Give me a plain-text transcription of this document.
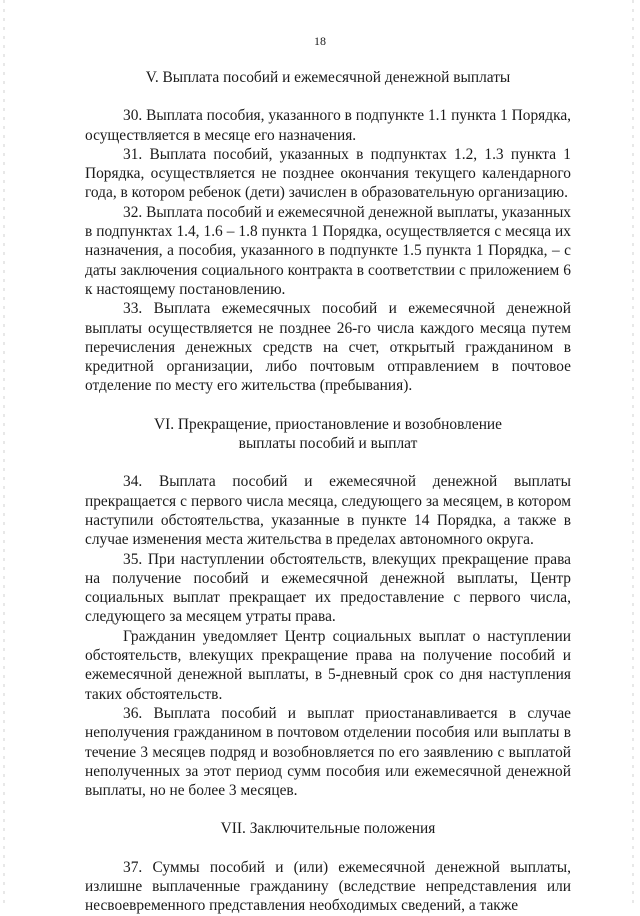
18

V. Выплата пособий и ежемесячной денежной выплаты

30. Выплата пособия, указанного в подпункте 1.1 пункта 1 Порядка, осуществляется в месяце его назначения.

31. Выплата пособий, указанных в подпунктах 1.2, 1.3 пункта 1 Порядка, осуществляется не позднее окончания текущего календарного года, в котором ребенок (дети) зачислен в образовательную организацию.

32. Выплата пособий и ежемесячной денежной выплаты, указанных в подпунктах 1.4, 1.6 – 1.8 пункта 1 Порядка, осуществляется с месяца их назначения, а пособия, указанного в подпункте 1.5 пункта 1 Порядка, – с даты заключения социального контракта в соответствии с приложением 6 к настоящему постановлению.

33. Выплата ежемесячных пособий и ежемесячной денежной выплаты осуществляется не позднее 26-го числа каждого месяца путем перечисления денежных средств на счет, открытый гражданином в кредитной организации, либо почтовым отправлением в почтовое отделение по месту его жительства (пребывания).

VI. Прекращение, приостановление и возобновление
выплаты пособий и выплат

34. Выплата пособий и ежемесячной денежной выплаты прекращается с первого числа месяца, следующего за месяцем, в котором наступили обстоятельства, указанные в пункте 14 Порядка, а также в случае изменения места жительства в пределах автономного округа.

35. При наступлении обстоятельств, влекущих прекращение права на получение пособий и ежемесячной денежной выплаты, Центр социальных выплат прекращает их предоставление с первого числа, следующего за месяцем утраты права.

Гражданин уведомляет Центр социальных выплат о наступлении обстоятельств, влекущих прекращение права на получение пособий и ежемесячной денежной выплаты, в 5-дневный срок со дня наступления таких обстоятельств.

36. Выплата пособий и выплат приостанавливается в случае неполучения гражданином в почтовом отделении пособия или выплаты в течение 3 месяцев подряд и возобновляется по его заявлению с выплатой неполученных за этот период сумм пособия или ежемесячной денежной выплаты, но не более 3 месяцев.

VII. Заключительные положения

37. Суммы пособий и (или) ежемесячной денежной выплаты, излишне выплаченные гражданину (вследствие непредставления или несвоевременного представления необходимых сведений, а также
